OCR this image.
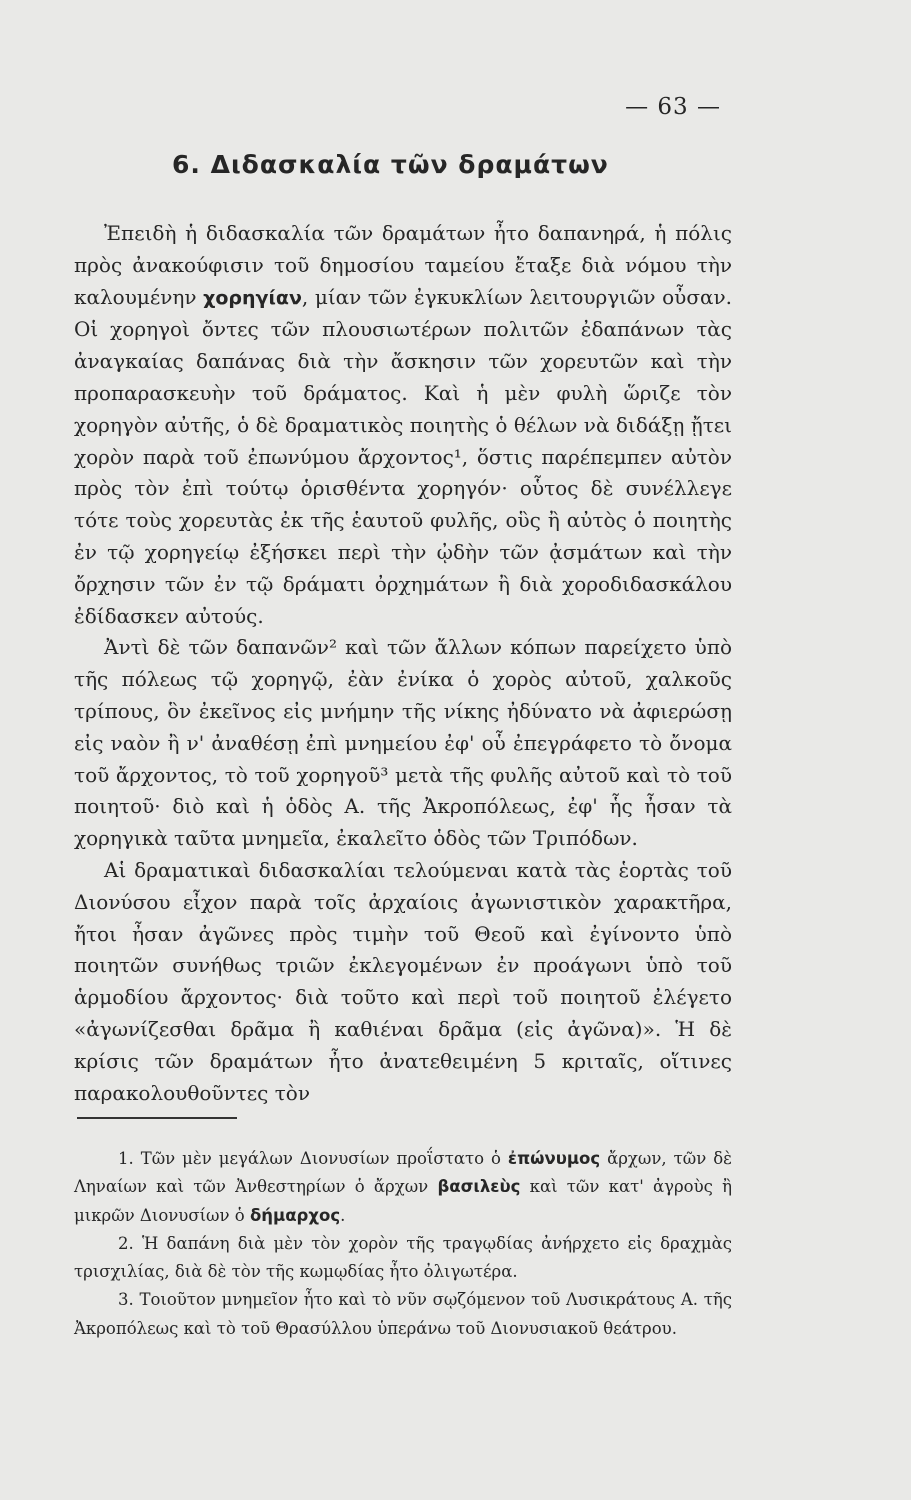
— 63 —
6. Διδασκαλία τῶν δραμάτων

Ἐπειδὴ ἡ διδασκαλία τῶν δραμάτων ἦτο δαπανηρά, ἡ πόλις πρὸς ἀνακούφισιν τοῦ δημοσίου ταμείου ἔταξε διὰ νόμου τὴν καλουμένην χορηγίαν, μίαν τῶν ἐγκυκλίων λειτουργιῶν οὖσαν. Οἱ χορηγοὶ ὄντες τῶν πλουσιωτέρων πολιτῶν ἐδαπάνων τὰς ἀναγκαίας δαπάνας διὰ τὴν ἄσκησιν τῶν χορευτῶν καὶ τὴν προπαρασκευὴν τοῦ δράματος. Καὶ ἡ μὲν φυλὴ ὥριζε τὸν χορηγὸν αὐτῆς, ὁ δὲ δραματικὸς ποιητὴς ὁ θέλων νὰ διδάξῃ ᾔτει χορὸν παρὰ τοῦ ἐπωνύμου ἄρχοντος¹, ὅστις παρέπεμπεν αὐτὸν πρὸς τὸν ἐπὶ τούτῳ ὁρισθέντα χορηγόν· οὗτος δὲ συνέλλεγε τότε τοὺς χορευτὰς ἐκ τῆς ἑαυτοῦ φυλῆς, οὓς ἢ αὐτὸς ὁ ποιητὴς ἐν τῷ χορηγείῳ ἐξήσκει περὶ τὴν ᾠδὴν τῶν ᾀσμάτων καὶ τὴν ὄρχησιν τῶν ἐν τῷ δράματι ὀρχημάτων ἢ διὰ χοροδιδασκάλου ἐδίδασκεν αὐτούς.

Ἀντὶ δὲ τῶν δαπανῶν² καὶ τῶν ἄλλων κόπων παρείχετο ὑπὸ τῆς πόλεως τῷ χορηγῷ, ἐὰν ἐνίκα ὁ χορὸς αὐτοῦ, χαλκοῦς τρίπους, ὃν ἐκεῖνος εἰς μνήμην τῆς νίκης ἠδύνατο νὰ ἀφιερώσῃ εἰς ναὸν ἢ ν' ἀναθέσῃ ἐπὶ μνημείου ἐφ' οὗ ἐπεγράφετο τὸ ὄνομα τοῦ ἄρχοντος, τὸ τοῦ χορηγοῦ³ μετὰ τῆς φυλῆς αὐτοῦ καὶ τὸ τοῦ ποιητοῦ· διὸ καὶ ἡ ὁδὸς Α. τῆς Ἀκροπόλεως, ἐφ' ἧς ἦσαν τὰ χορηγικὰ ταῦτα μνημεῖα, ἐκαλεῖτο ὁδὸς τῶν Τριπόδων.

Αἱ δραματικαὶ διδασκαλίαι τελούμεναι κατὰ τὰς ἑορτὰς τοῦ Διονύσου εἶχον παρὰ τοῖς ἀρχαίοις ἀγωνιστικὸν χαρακτῆρα, ἤτοι ἦσαν ἀγῶνες πρὸς τιμὴν τοῦ Θεοῦ καὶ ἐγίνοντο ὑπὸ ποιητῶν συνήθως τριῶν ἐκλεγομένων ἐν προάγωνι ὑπὸ τοῦ ἁρμοδίου ἄρχοντος· διὰ τοῦτο καὶ περὶ τοῦ ποιητοῦ ἐλέγετο «ἀγωνίζεσθαι δρᾶμα ἢ καθιέναι δρᾶμα (εἰς ἀγῶνα)». Ἡ δὲ κρίσις τῶν δραμάτων ἦτο ἀνατεθειμένη 5 κριταῖς, οἵτινες παρακολουθοῦντες τὸν

1. Τῶν μὲν μεγάλων Διονυσίων προΐστατο ὁ ἐπώνυμος ἄρχων, τῶν δὲ Ληναίων καὶ τῶν Ἀνθεστηρίων ὁ ἄρχων βασιλεὺς καὶ τῶν κατ' ἀγροὺς ἢ μικρῶν Διονυσίων ὁ δήμαρχος.

2. Ἡ δαπάνη διὰ μὲν τὸν χορὸν τῆς τραγῳδίας ἀνήρχετο εἰς δραχμὰς τρισχιλίας, διὰ δὲ τὸν τῆς κωμῳδίας ἦτο ὀλιγωτέρα.

3. Τοιοῦτον μνημεῖον ἦτο καὶ τὸ νῦν σῳζόμενον τοῦ Λυσικράτους Α. τῆς Ἀκροπόλεως καὶ τὸ τοῦ Θρασύλλου ὑπεράνω τοῦ Διονυσιακοῦ θεάτρου.
